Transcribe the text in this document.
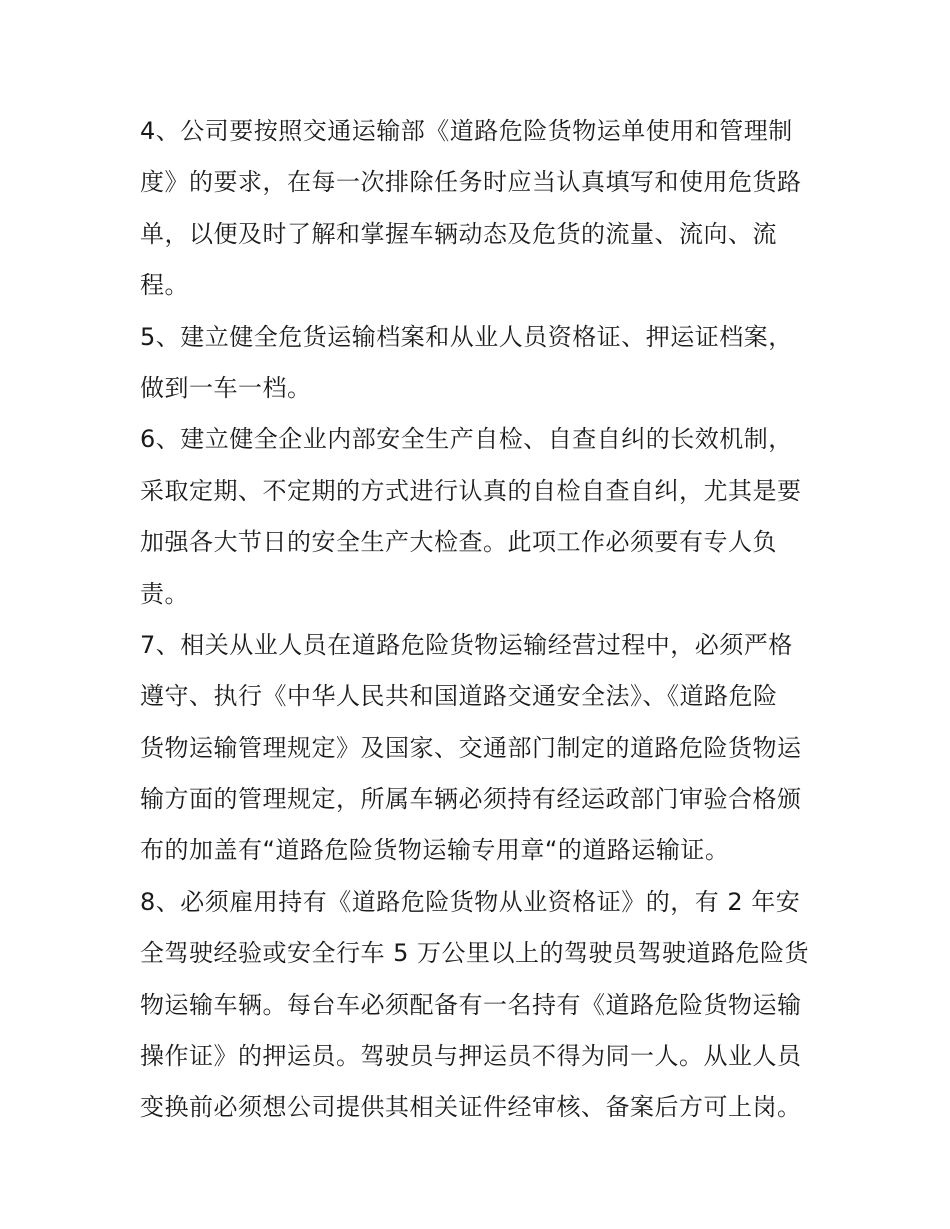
4、公司要按照交通运输部《道路危险货物运单使用和管理制
度》的要求，在每一次排除任务时应当认真填写和使用危货路
单，以便及时了解和掌握车辆动态及危货的流量、流向、流
程。
5、建立健全危货运输档案和从业人员资格证、押运证档案，
做到一车一档。
6、建立健全企业内部安全生产自检、自查自纠的长效机制，
采取定期、不定期的方式进行认真的自检自查自纠，尤其是要
加强各大节日的安全生产大检查。此项工作必须要有专人负
责。
7、相关从业人员在道路危险货物运输经营过程中，必须严格
遵守、执行《中华人民共和国道路交通安全法》、《道路危险
货物运输管理规定》及国家、交通部门制定的道路危险货物运
输方面的管理规定，所属车辆必须持有经运政部门审验合格颁
布的加盖有“道路危险货物运输专用章“的道路运输证。
8、必须雇用持有《道路危险货物从业资格证》的，有 2 年安
全驾驶经验或安全行车 5 万公里以上的驾驶员驾驶道路危险货
物运输车辆。每台车必须配备有一名持有《道路危险货物运输
操作证》的押运员。驾驶员与押运员不得为同一人。从业人员
变换前必须想公司提供其相关证件经审核、备案后方可上岗。
